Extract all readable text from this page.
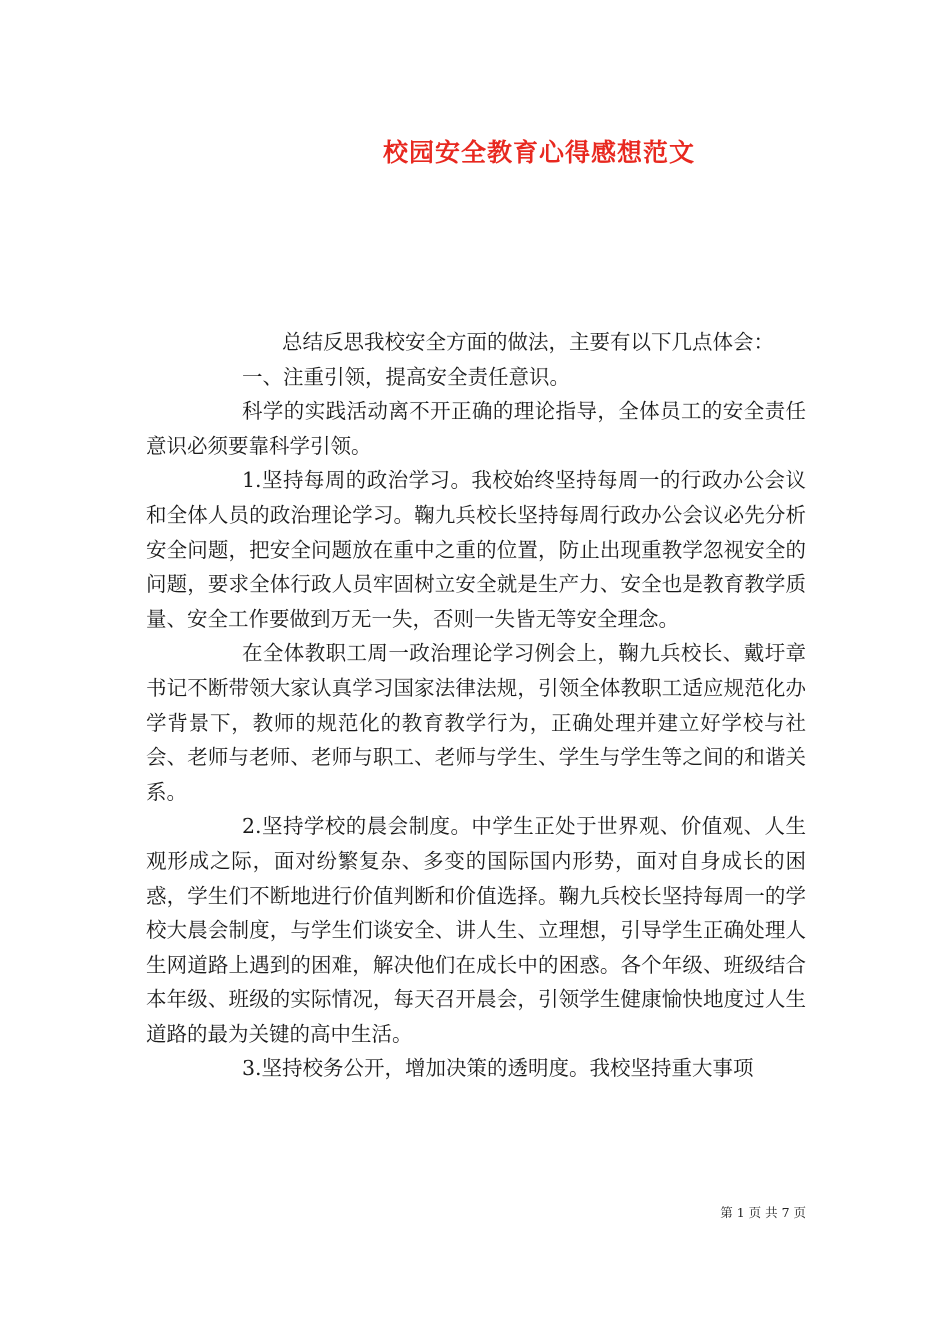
校园安全教育心得感想范文

总结反思我校安全方面的做法，主要有以下几点体会：

一、注重引领，提高安全责任意识。

科学的实践活动离不开正确的理论指导，全体员工的安全责任意识必须要靠科学引领。

1.坚持每周的政治学习。我校始终坚持每周一的行政办公会议和全体人员的政治理论学习。鞠九兵校长坚持每周行政办公会议必先分析安全问题，把安全问题放在重中之重的位置，防止出现重教学忽视安全的问题，要求全体行政人员牢固树立安全就是生产力、安全也是教育教学质量、安全工作要做到万无一失，否则一失皆无等安全理念。

在全体教职工周一政治理论学习例会上，鞠九兵校长、戴圩章书记不断带领大家认真学习国家法律法规，引领全体教职工适应规范化办学背景下，教师的规范化的教育教学行为，正确处理并建立好学校与社会、老师与老师、老师与职工、老师与学生、学生与学生等之间的和谐关系。

2.坚持学校的晨会制度。中学生正处于世界观、价值观、人生观形成之际，面对纷繁复杂、多变的国际国内形势，面对自身成长的困惑，学生们不断地进行价值判断和价值选择。鞠九兵校长坚持每周一的学校大晨会制度，与学生们谈安全、讲人生、立理想，引导学生正确处理人生网道路上遇到的困难，解决他们在成长中的困惑。各个年级、班级结合本年级、班级的实际情况，每天召开晨会，引领学生健康愉快地度过人生道路的最为关键的高中生活。

3.坚持校务公开，增加决策的透明度。我校坚持重大事项

第 1 页 共 7 页
